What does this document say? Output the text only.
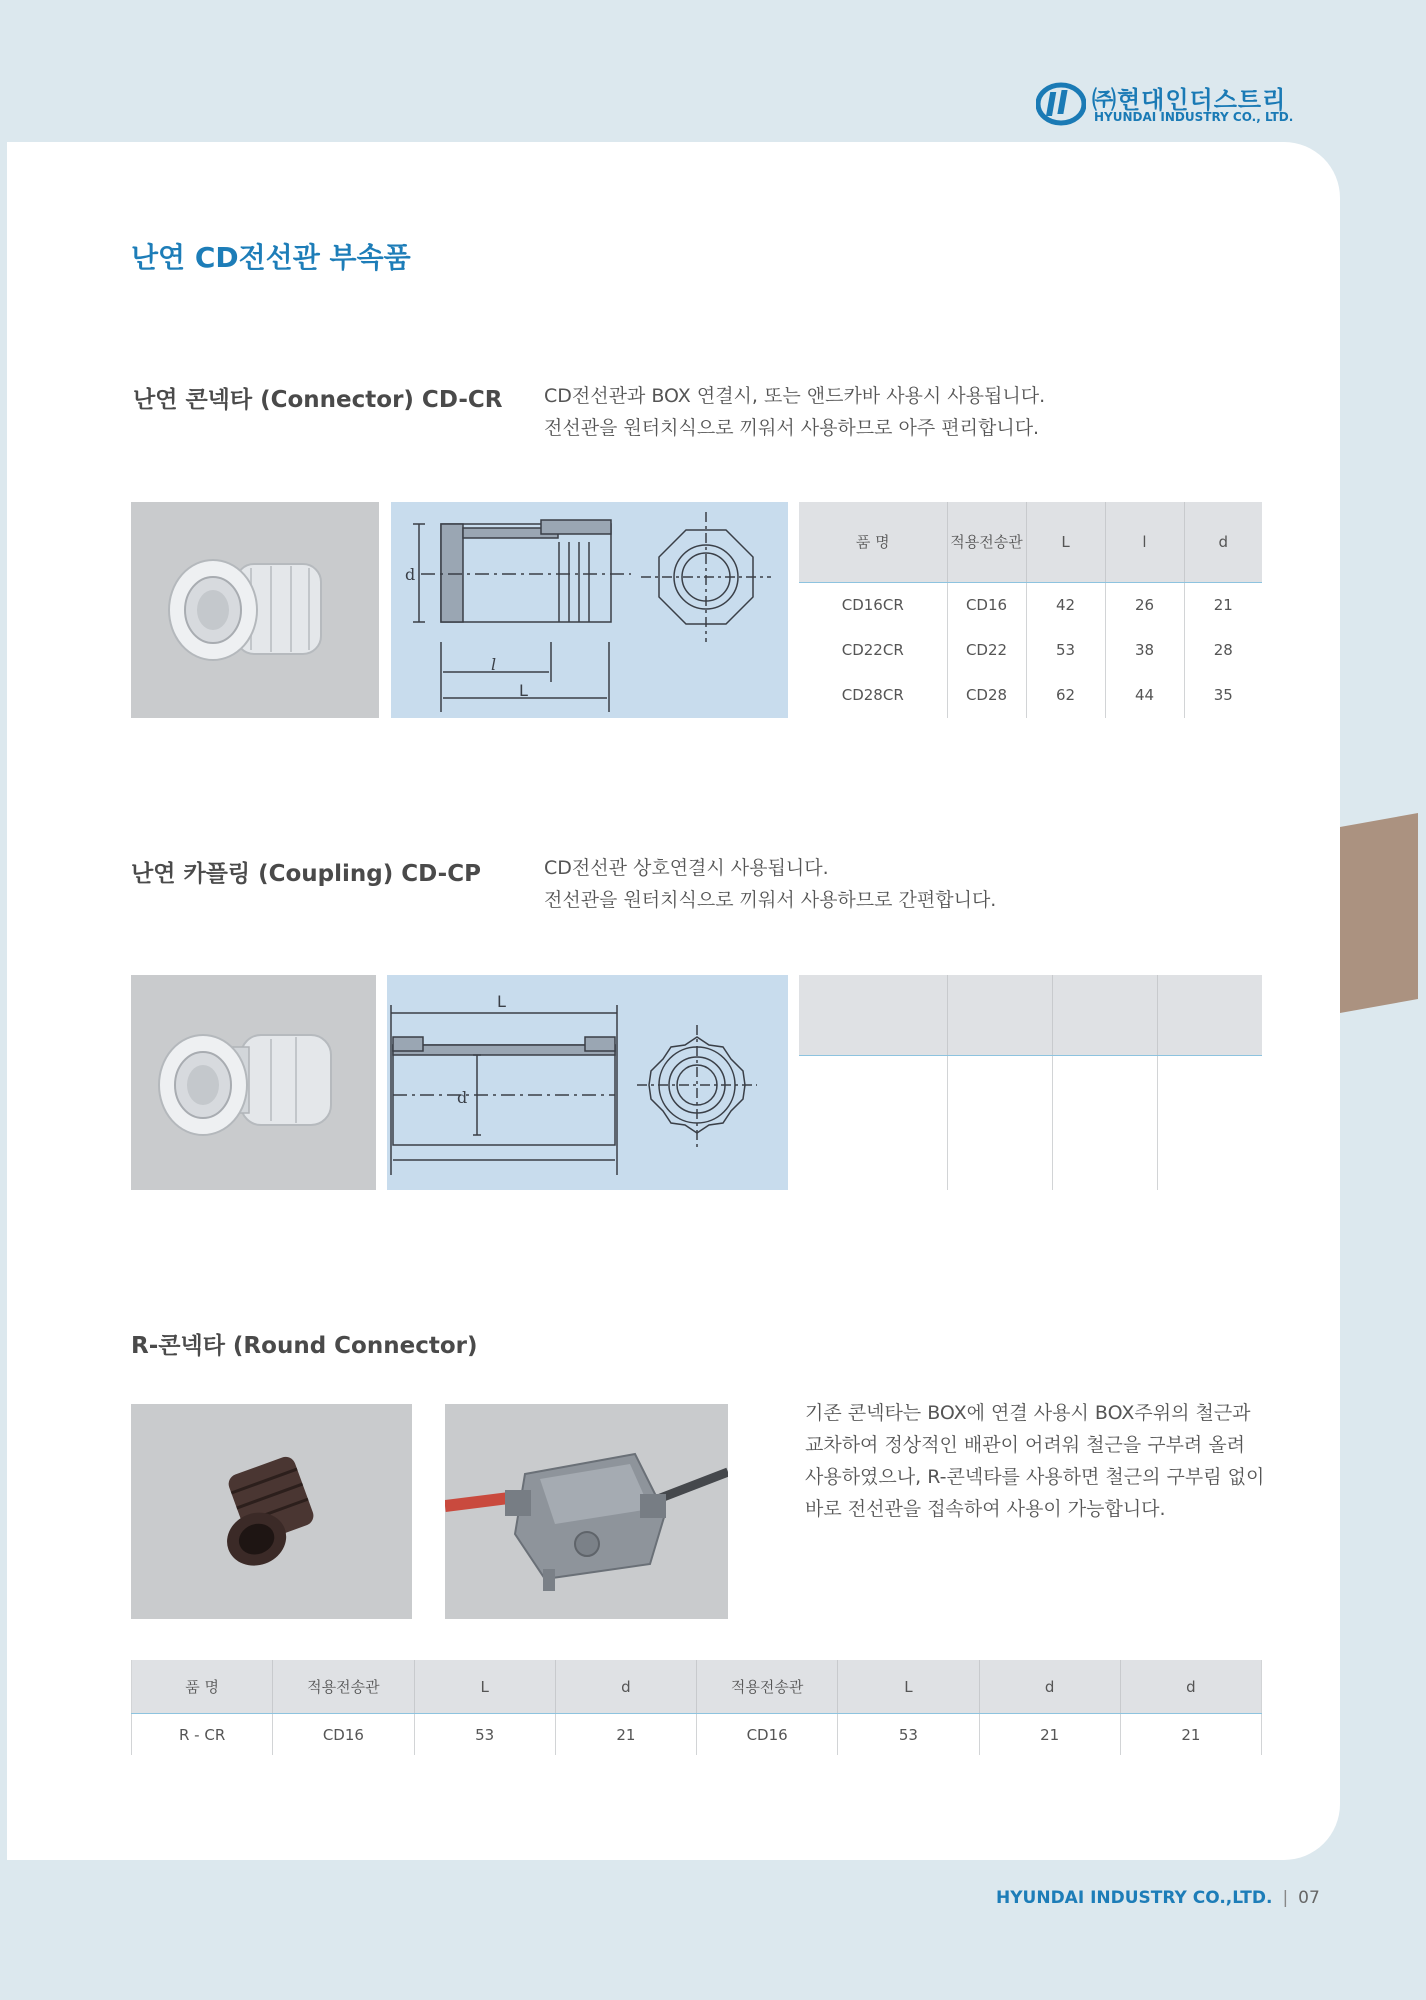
㈜현대인더스트리
HYUNDAI INDUSTRY CO., LTD.
난연 CD전선관 부속품
난연 콘넥타 (Connector) CD-CR CD전선관과 BOX 연결시, 또는 앤드카바 사용시 사용됩니다.
전선관을 원터치식으로 끼워서 사용하므로 아주 편리합니다.
d
l
L
품 명	적용전송관	L	l	d
CD16CR	CD16	42	26	21
CD22CR	CD22	53	38	28
CD28CR	CD28	62	44	35
난연 카플링 (Coupling) CD-CP	CD전선관 상호연결시 사용됩니다.
전선관을 원터치식으로 끼워서 사용하므로 간편합니다.
L
d

R-콘넥타 (Round Connector)
기존 콘넥타는 BOX에 연결 사용시 BOX주위의 철근과
교차하여 정상적인 배관이 어려워 철근을 구부려 올려
사용하였으나, R-콘넥타를 사용하면 철근의 구부림 없이
바로 전선관을 접속하여 사용이 가능합니다.
품 명	적용전송관	L	d	적용전송관	L	d	d
R - CR	CD16	53	21	CD16	53	21	21
HYUNDAI INDUSTRY CO.,LTD. | 07
